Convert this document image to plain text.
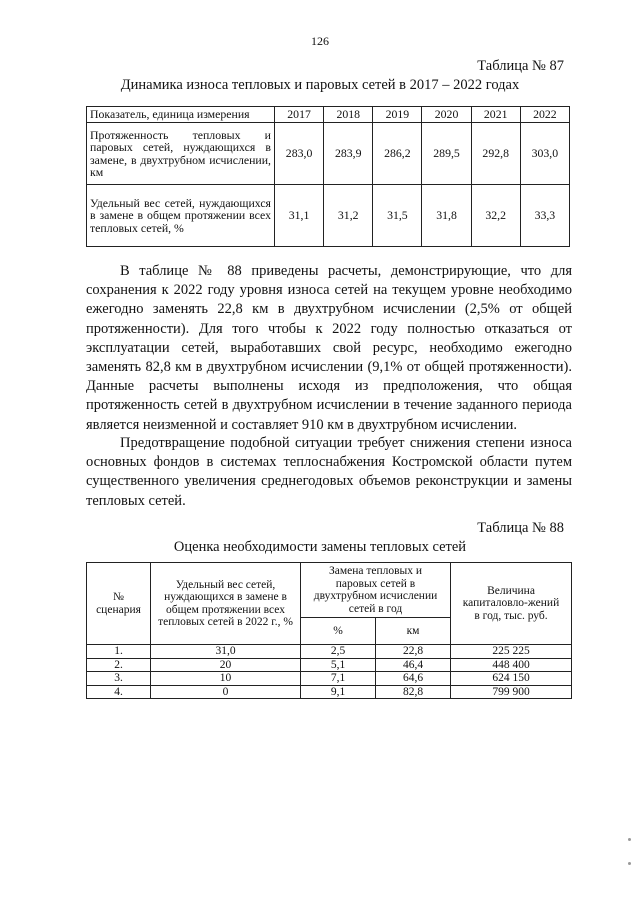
126
Таблица № 87
Динамика износа тепловых и паровых сетей в 2017 – 2022 годах
Показатель, единица измерения	2017	2018	2019	2020	2021	2022
Протяженность тепловых и паровых сетей, нуждающихся в замене, в двухтрубном исчислении, км	283,0	283,9	286,2	289,5	292,8	303,0
Удельный вес сетей, нуждающихся в замене в общем протяжении всех тепловых сетей, %	31,1	31,2	31,5	31,8	32,2	33,3

В таблице № 88 приведены расчеты, демонстрирующие, что для сохранения к 2022 году уровня износа сетей на текущем уровне необходимо ежегодно заменять 22,8 км в двухтрубном исчислении (2,5% от общей протяженности). Для того чтобы к 2022 году полностью отказаться от эксплуатации сетей, выработавших свой ресурс, необходимо ежегодно заменять 82,8 км в двухтрубном исчислении (9,1% от общей протяженности). Данные расчеты выполнены исходя из предположения, что общая протяженность сетей в двухтрубном исчислении в течение заданного периода является неизменной и составляет 910 км в двухтрубном исчислении.

Предотвращение подобной ситуации требует снижения степени износа основных фондов в системах теплоснабжения Костромской области путем существенного увеличения среднегодовых объемов реконструкции и замены тепловых сетей.

Таблица № 88
Оценка необходимости замены тепловых сетей
№ сценария	Удельный вес сетей, нуждающихся в замене в общем протяжении всех тепловых сетей в 2022 г., %	Замена тепловых и паровых сетей в двухтрубном исчислении сетей в год		Величина капиталовло-жений в год, тыс. руб.
		%	км	
1.	31,0	2,5	22,8	225 225
2.	20	5,1	46,4	448 400
3.	10	7,1	64,6	624 150
4.	0	9,1	82,8	799 900
